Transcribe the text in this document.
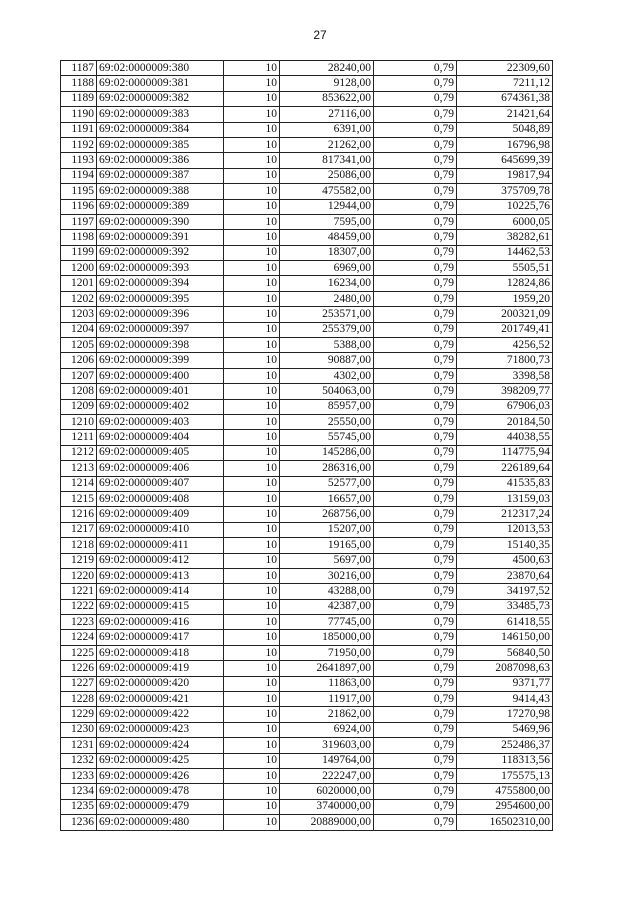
27
1187	69:02:0000009:380	10	28240,00	0,79	22309,60
1188	69:02:0000009:381	10	9128,00	0,79	7211,12
1189	69:02:0000009:382	10	853622,00	0,79	674361,38
1190	69:02:0000009:383	10	27116,00	0,79	21421,64
1191	69:02:0000009:384	10	6391,00	0,79	5048,89
1192	69:02:0000009:385	10	21262,00	0,79	16796,98
1193	69:02:0000009:386	10	817341,00	0,79	645699,39
1194	69:02:0000009:387	10	25086,00	0,79	19817,94
1195	69:02:0000009:388	10	475582,00	0,79	375709,78
1196	69:02:0000009:389	10	12944,00	0,79	10225,76
1197	69:02:0000009:390	10	7595,00	0,79	6000,05
1198	69:02:0000009:391	10	48459,00	0,79	38282,61
1199	69:02:0000009:392	10	18307,00	0,79	14462,53
1200	69:02:0000009:393	10	6969,00	0,79	5505,51
1201	69:02:0000009:394	10	16234,00	0,79	12824,86
1202	69:02:0000009:395	10	2480,00	0,79	1959,20
1203	69:02:0000009:396	10	253571,00	0,79	200321,09
1204	69:02:0000009:397	10	255379,00	0,79	201749,41
1205	69:02:0000009:398	10	5388,00	0,79	4256,52
1206	69:02:0000009:399	10	90887,00	0,79	71800,73
1207	69:02:0000009:400	10	4302,00	0,79	3398,58
1208	69:02:0000009:401	10	504063,00	0,79	398209,77
1209	69:02:0000009:402	10	85957,00	0,79	67906,03
1210	69:02:0000009:403	10	25550,00	0,79	20184,50
1211	69:02:0000009:404	10	55745,00	0,79	44038,55
1212	69:02:0000009:405	10	145286,00	0,79	114775,94
1213	69:02:0000009:406	10	286316,00	0,79	226189,64
1214	69:02:0000009:407	10	52577,00	0,79	41535,83
1215	69:02:0000009:408	10	16657,00	0,79	13159,03
1216	69:02:0000009:409	10	268756,00	0,79	212317,24
1217	69:02:0000009:410	10	15207,00	0,79	12013,53
1218	69:02:0000009:411	10	19165,00	0,79	15140,35
1219	69:02:0000009:412	10	5697,00	0,79	4500,63
1220	69:02:0000009:413	10	30216,00	0,79	23870,64
1221	69:02:0000009:414	10	43288,00	0,79	34197,52
1222	69:02:0000009:415	10	42387,00	0,79	33485,73
1223	69:02:0000009:416	10	77745,00	0,79	61418,55
1224	69:02:0000009:417	10	185000,00	0,79	146150,00
1225	69:02:0000009:418	10	71950,00	0,79	56840,50
1226	69:02:0000009:419	10	2641897,00	0,79	2087098,63
1227	69:02:0000009:420	10	11863,00	0,79	9371,77
1228	69:02:0000009:421	10	11917,00	0,79	9414,43
1229	69:02:0000009:422	10	21862,00	0,79	17270,98
1230	69:02:0000009:423	10	6924,00	0,79	5469,96
1231	69:02:0000009:424	10	319603,00	0,79	252486,37
1232	69:02:0000009:425	10	149764,00	0,79	118313,56
1233	69:02:0000009:426	10	222247,00	0,79	175575,13
1234	69:02:0000009:478	10	6020000,00	0,79	4755800,00
1235	69:02:0000009:479	10	3740000,00	0,79	2954600,00
1236	69:02:0000009:480	10	20889000,00	0,79	16502310,00
